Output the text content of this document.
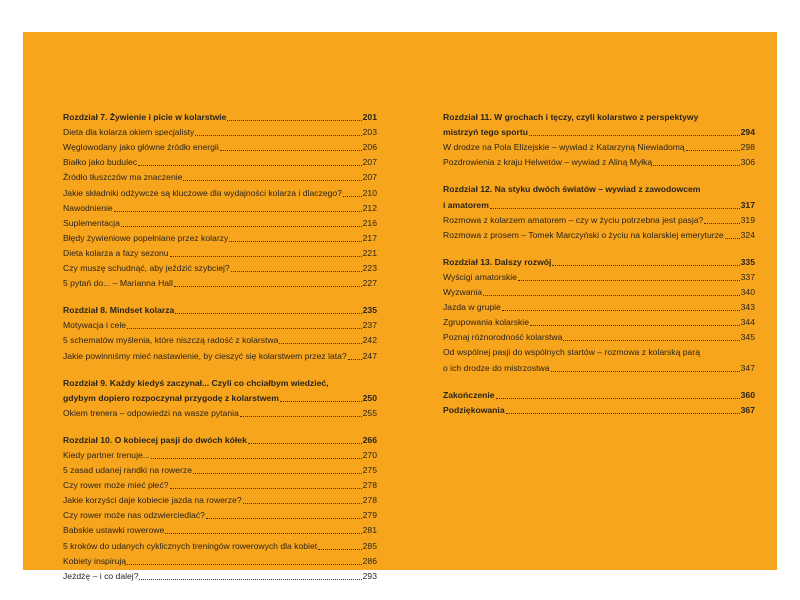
Rozdział 7. Żywienie i picie w kolarstwie	201
Dieta dla kolarza okiem specjalisty	203
Węglowodany jako główne źródło energii	206
Białko jako budulec	207
Źródło tłuszczów ma znaczenie	207
Jakie składniki odżywcze są kluczowe dla wydajności kolarza i dlaczego? 210
Nawodnienie	212
Suplementacja	216
Błędy żywieniowe popełniane przez kolarzy	217
Dieta kolarza a fazy sezonu	221
Czy muszę schudnąć, aby jeździć szybciej?	223
5 pytań do... – Marianna Hall	227
Rozdział 8. Mindset kolarza	235
Motywacja i cele	237
5 schematów myślenia, które niszczą radość z kolarstwa	242
Jakie powinniśmy mieć nastawienie, by cieszyć się kolarstwem przez lata? 247
Rozdział 9. Każdy kiedyś zaczynał... Czyli co chciałbym wiedzieć,
gdybym dopiero rozpoczynał przygodę z kolarstwem	250
Okiem trenera – odpowiedzi na wasze pytania	255
Rozdział 10. O kobiecej pasji do dwóch kółek	266
Kiedy partner trenuje...	270
5 zasad udanej randki na rowerze	275
Czy rower może mieć płeć?	278
Jakie korzyści daje kobiecie jazda na rowerze?	278
Czy rower może nas odzwierciedlać?	279
Babskie ustawki rowerowe	281
5 kroków do udanych cyklicznych treningów rowerowych dla kobiet	285
Kobiety inspirują	286
Jeżdżę – i co dalej?	293
Rozdział 11. W grochach i tęczy, czyli kolarstwo z perspektywy
mistrzyń tego sportu	294
W drodze na Pola Elizejskie – wywiad z Katarzyną Niewiadomą	298
Pozdrowienia z kraju Helwetów – wywiad z Aliną Myłką	306
Rozdział 12. Na styku dwóch światów – wywiad z zawodowcem
i amatorem	317
Rozmowa z kolarzem amatorem – czy w życiu potrzebna jest pasja?	319
Rozmowa z prosem – Tomek Marczyński o życiu na kolarskiej emeryturze 324
Rozdział 13. Dalszy rozwój	335
Wyścigi amatorskie	337
Wyzwania	340
Jazda w grupie	343
Zgrupowania kolarskie	344
Poznaj różnorodność kolarstwa	345
Od wspólnej pasji do wspólnych startów – rozmowa z kolarską parą
o ich drodze do mistrzostwa	347
Zakończenie	360
Podziękowania	367
